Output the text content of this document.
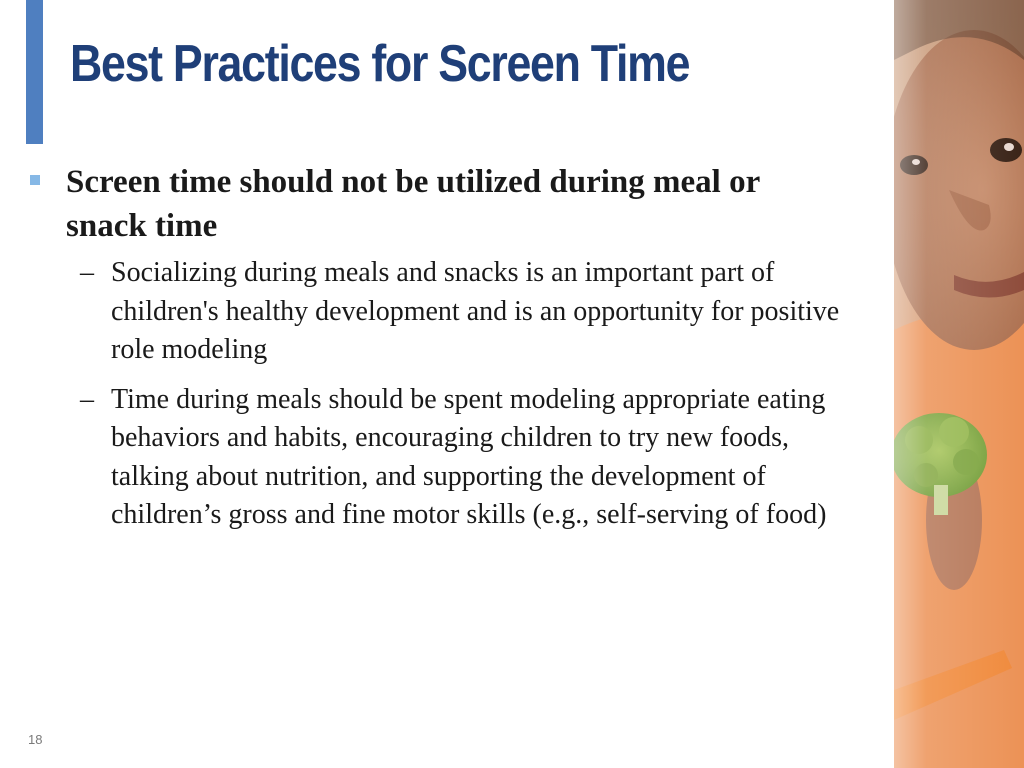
Best Practices for Screen Time
Screen time should not be utilized during meal or snack time
– Socializing during meals and snacks is an important part of children's healthy development and is an opportunity for positive role modeling
– Time during meals should be spent modeling appropriate eating behaviors and habits, encouraging children to try new foods, talking about nutrition, and supporting the development of children’s gross and fine motor skills (e.g., self-serving of food)
18
